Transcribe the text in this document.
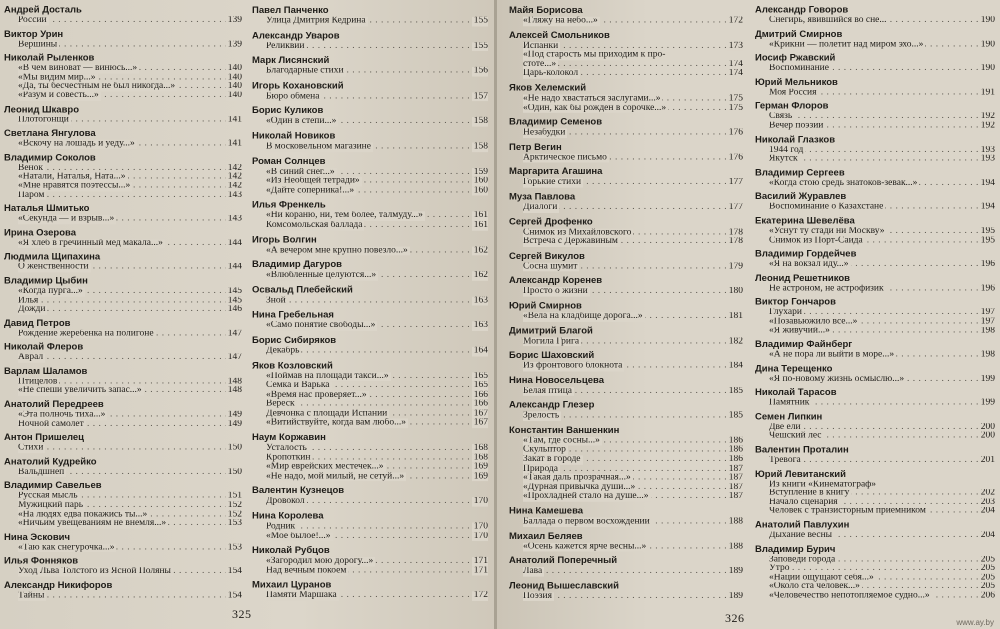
Андрей Досталь
. . . России	139
Виктор Урин
. . . Вершины	139
Николай Рыленков
. . . «В чем виноват — винюсь...»	140
. . . «Мы видим мир...»	140
. . . «Да, ты бесчестным не был никогда...»	140
. . . «Разум и совесть...»	140
Леонид Шкавро
. . . Плотогонщи	141
Светлана Янгулова
. . . «Вскочу на лошадь и уеду...»	141
Владимир Соколов
. . . Венок	142
. . . «Натали, Наталья, Ната...»	142
. . . «Мне нравятся поэтессы...»	142
. . . Паром	143
Наталья Шмитько
. . . «Секунда — и взрыв...»	143
Ирина Озерова
. . . «Я хлеб в гречинный мед макала...»	144
Людмила Щипахина
. . . О женственности	144
Владимир Цыбин
. . . «Когда пурга...»	145
. . . Илья	145
. . . Дожди	146
Давид Петров
. . . Рождение жеребенка на полигоне	147
Николай Флеров
. . . Аврал	147
Варлам Шаламов
. . . Птицелов	148
. . . «Не спеши увеличить запас...»	148
Анатолий Передреев
. . . «Эта полночь тиха...»	149
. . . Ночной самолет	149
Антон Пришелец
. . . Стихи	150
Анатолий Кудрейко
. . . Вальдшнеп	150
Владимир Савельев
. . . Русская мысль	151
. . . Мужицкий парь	152
. . . «На людях едва покажись ты...»	152
. . . «Ничьим увещеваниям не внемля...»	153
Нина Эскович
. . . «Таю как снегурочка...»	153
Илья Фонняков
. . . Уход Льва Толстого из Ясной Поляны	154
Александр Никифоров
. . . Тайны	154
Павел Панченко
. . . Улица Дмитрия Кедрина	155
Александр Уваров
. . . Реликвии	155
Марк Лисянский
. . . Благодарные стихи	156
Игорь Кохановский
. . . Бюро обмена	157
Борис Куликов
. . . «Один в степи...»	158
Николай Новиков
. . . В московельном магазине	158
Роман Солнцев
. . . «В синий снег...»	159
. . . «Из Необщей тетради»	160
. . . «Дайте соперника!...»	160
Илья Френкель
. . . «Ни кораню, ни, тем более, талмуду...»	161
. . . Комсомольская баллада	161
Игорь Волгин
. . . «А вечером мне крупно повезло...»	162
Владимир Дагуров
. . . «Влюбленные целуются...»	162
Освальд Плебейский
. . . Зной	163
Нина Гребельная
. . . «Само понятие свободы...»	163
Борис Сибиряков
. . . Декабрь	164
Яков Козловский
. . . «Поймав на площади такси...»	165
. . . Семка и Варька	165
. . . «Время нас проверяет...»	166
. . . Вереск	166
. . . Девчонка с площади Испании	167
. . . «Витийствуйте, когда вам любо...»	167
Наум Коржавин
. . . Усталость	168
. . . Кропоткин	168
. . . «Мир еврейских местечек...»	169
. . . «Не надо, мой милый, не сетуй...»	169
Валентин Кузнецов
. . . Дровокол	170
Нина Королева
. . . Родник	170
. . . «Мое былое!...»	170
Николай Рубцов
. . . «Загородил мою дорогу...»	171
. . . Над вечным покоем	171
Михаил Цуранов
. . . Памяти Маршака	172
325
Майя Борисова
. . . «Гляжу на небо...»	172
Алексей Смольников
. . . Испанки	173
«Под старость мы приходим к про-
. . . стоте...»	174
. . . Царь-колокол	174
Яков Хелемский
. . . «Не надо хвастаться заслугами...»	175
. . . «Один, как бы рожден в сорочке...»	175
Владимир Семенов
. . . Незабудки	176
Петр Вегин
. . . Арктическое письмо	176
Маргарита Агашина
. . . Горькие стихи	177
Муза Павлова
. . . Диалоги	177
Сергей Дрофенко
. . . Снимок из Михайловского	178
. . . Встреча с Державиным	178
Сергей Викулов
. . . Сосна шумит	179
Александр Коренев
. . . Просто о жизни	180
Юрий Смирнов
. . . «Вела на кладбище дорога...»	181
Димитрий Благой
. . . Могила Грига	182
Борис Шаховский
. . . Из фронтового блокнота	184
Нина Новосельцева
. . . Белая птица	185
Александр Глезер
. . . Зрелость	185
Константин Ваншенкин
. . . «Там, где сосны...»	186
. . . Скульптор	186
. . . Закат в городе	186
. . . Природа	187
. . . «Такая даль прозрачная...»	187
. . . «Дурная привычка души...»	187
. . . «Прохладней стало на душе...»	187
Нина Камешева
. . . Баллада о первом восхождении	188
Михаил Беляев
. . . «Осень кажется ярче весны...»	188
Анатолий Поперечный
. . . Лава	189
Леонид Вышеславский
. . . Поэзия	189
Александр Говоров
. . . Снегирь, явившийся во сне...	190
Дмитрий Смирнов
. . . «Крикни — полетит над миром эхо...»	190
Иосиф Ржавский
. . . Воспоминание	190
Юрий Мельников
. . . Моя Россия	191
Герман Флоров
. . . Связь	192
. . . Вечер поэзии	192
Николай Глазков
. . . 1944 год	193
. . . Якутск	193
Владимир Сергеев
. . . «Когда стою средь знатоков-зевак...»	194
Василий Журавлев
. . . Воспоминание о Казахстане	194
Екатерина Шевелёва
. . . «Уснут ту стади ни Москву»	195
. . . Снимок из Порт-Саида	195
Владимир Гордейчев
. . . «Я на вокзал иду...»	196
Леонид Решетников
. . . Не астроном, не астрофизик	196
Виктор Гончаров
. . . Глухари	197
. . . «Позавьюжило все...»	197
. . . «Я живучий...»	198
Владимир Файнберг
. . . «А не пора ли выйти в море...»	198
Дина Терещенко
. . . «Я по-новому жизнь осмыслю...»	199
Николай Тарасов
. . . Памятник	199
Семен Липкин
. . . Две ели	200
. . . Чешский лес	200
Валентин Проталин
. . . Тревога	201
Юрий Левитанский
Из книги «Кинематограф»
. . . Вступление в книгу	202
. . . Начало сценария	203
. . . Человек с транзисторным приемником	204
Анатолий Павлухин
. . . Дыхание весны	204
Владимир Бурич
. . . Заповеди города	205
. . . Утро	205
. . . «Нации ощущают себя...»	205
. . . «Около ста человек...»	205
. . . «Человечество непотопляемое судно...»	206
326	www.ay.by
